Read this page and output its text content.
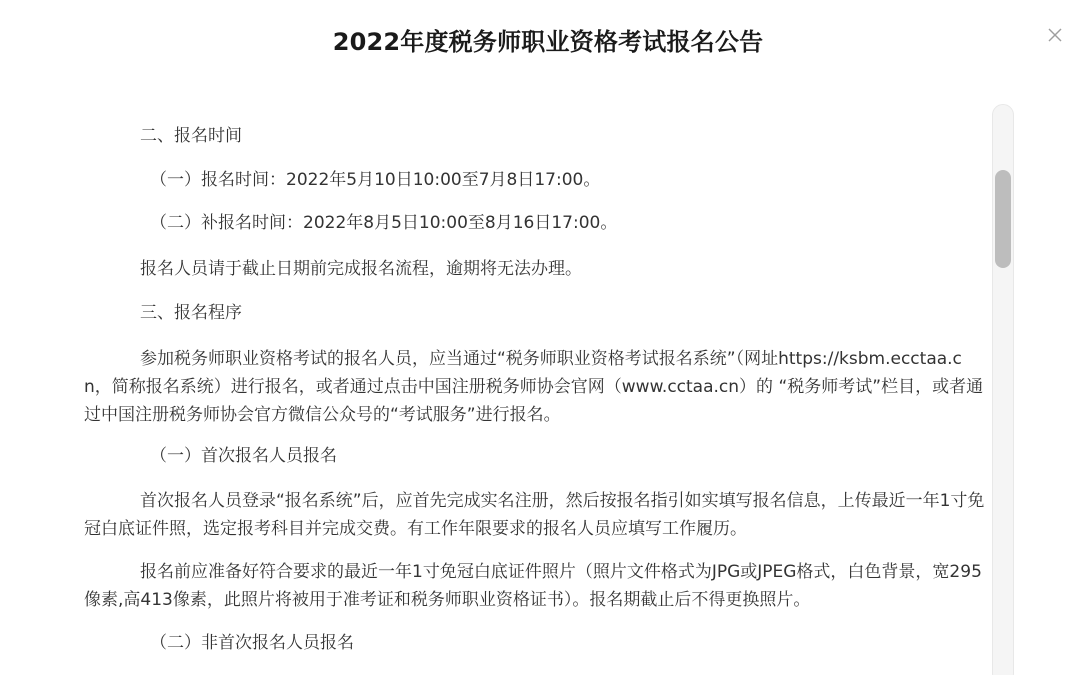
2022年度税务师职业资格考试报名公告
二、报名时间
（一）报名时间：2022年5月10日10:00至7月8日17:00。
（二）补报名时间：2022年8月5日10:00至8月16日17:00。
报名人员请于截止日期前完成报名流程，逾期将无法办理。
三、报名程序
参加税务师职业资格考试的报名人员，应当通过“税务师职业资格考试报名系统”（网址https://ksbm.ecctaa.cn，简称报名系统）进行报名，或者通过点击中国注册税务师协会官网（www.cctaa.cn）的 “税务师考试”栏目，或者通过中国注册税务师协会官方微信公众号的“考试服务”进行报名。
（一）首次报名人员报名
首次报名人员登录“报名系统”后，应首先完成实名注册，然后按报名指引如实填写报名信息，上传最近一年1寸免冠白底证件照，选定报考科目并完成交费。有工作年限要求的报名人员应填写工作履历。
报名前应准备好符合要求的最近一年1寸免冠白底证件照片（照片文件格式为JPG或JPEG格式，白色背景，宽295像素,高413像素，此照片将被用于准考证和税务师职业资格证书）。报名期截止后不得更换照片。
（二）非首次报名人员报名
